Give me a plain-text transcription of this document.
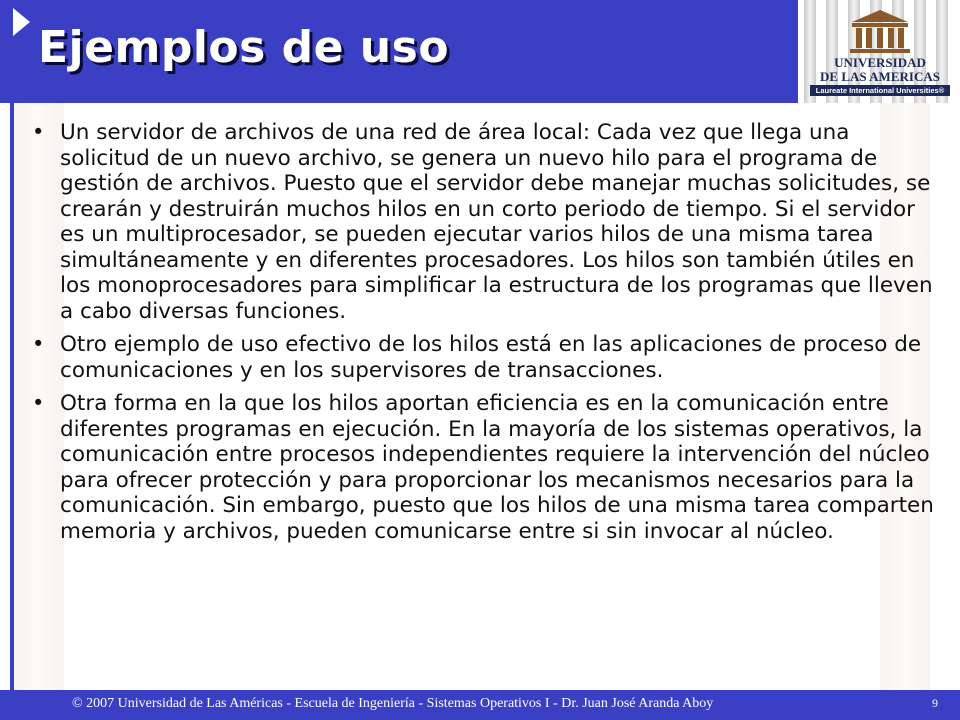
Ejemplos de uso	UNIVERSIDAD
DE LAS AMERICAS
Laureate International Universities®
• Un servidor de archivos de una red de área local: Cada vez que llega una solicitud de un nuevo archivo, se genera un nuevo hilo para el programa de gestión de archivos. Puesto que el servidor debe manejar muchas solicitudes, se crearán y destruirán muchos hilos en un corto periodo de tiempo. Si el servidor es un multiprocesador, se pueden ejecutar varios hilos de una misma tarea simultáneamente y en diferentes procesadores. Los hilos son también útiles en los monoprocesadores para simplificar la estructura de los programas que lleven a cabo diversas funciones.
• Otro ejemplo de uso efectivo de los hilos está en las aplicaciones de proceso de comunicaciones y en los supervisores de transacciones.
• Otra forma en la que los hilos aportan eficiencia es en la comunicación entre diferentes programas en ejecución. En la mayoría de los sistemas operativos, la comunicación entre procesos independientes requiere la intervención del núcleo para ofrecer protección y para proporcionar los mecanismos necesarios para la comunicación. Sin embargo, puesto que los hilos de una misma tarea comparten memoria y archivos, pueden comunicarse entre si sin invocar al núcleo.

© 2007 Universidad de Las Américas - Escuela de Ingeniería - Sistemas Operativos I - Dr. Juan José Aranda Aboy	9
